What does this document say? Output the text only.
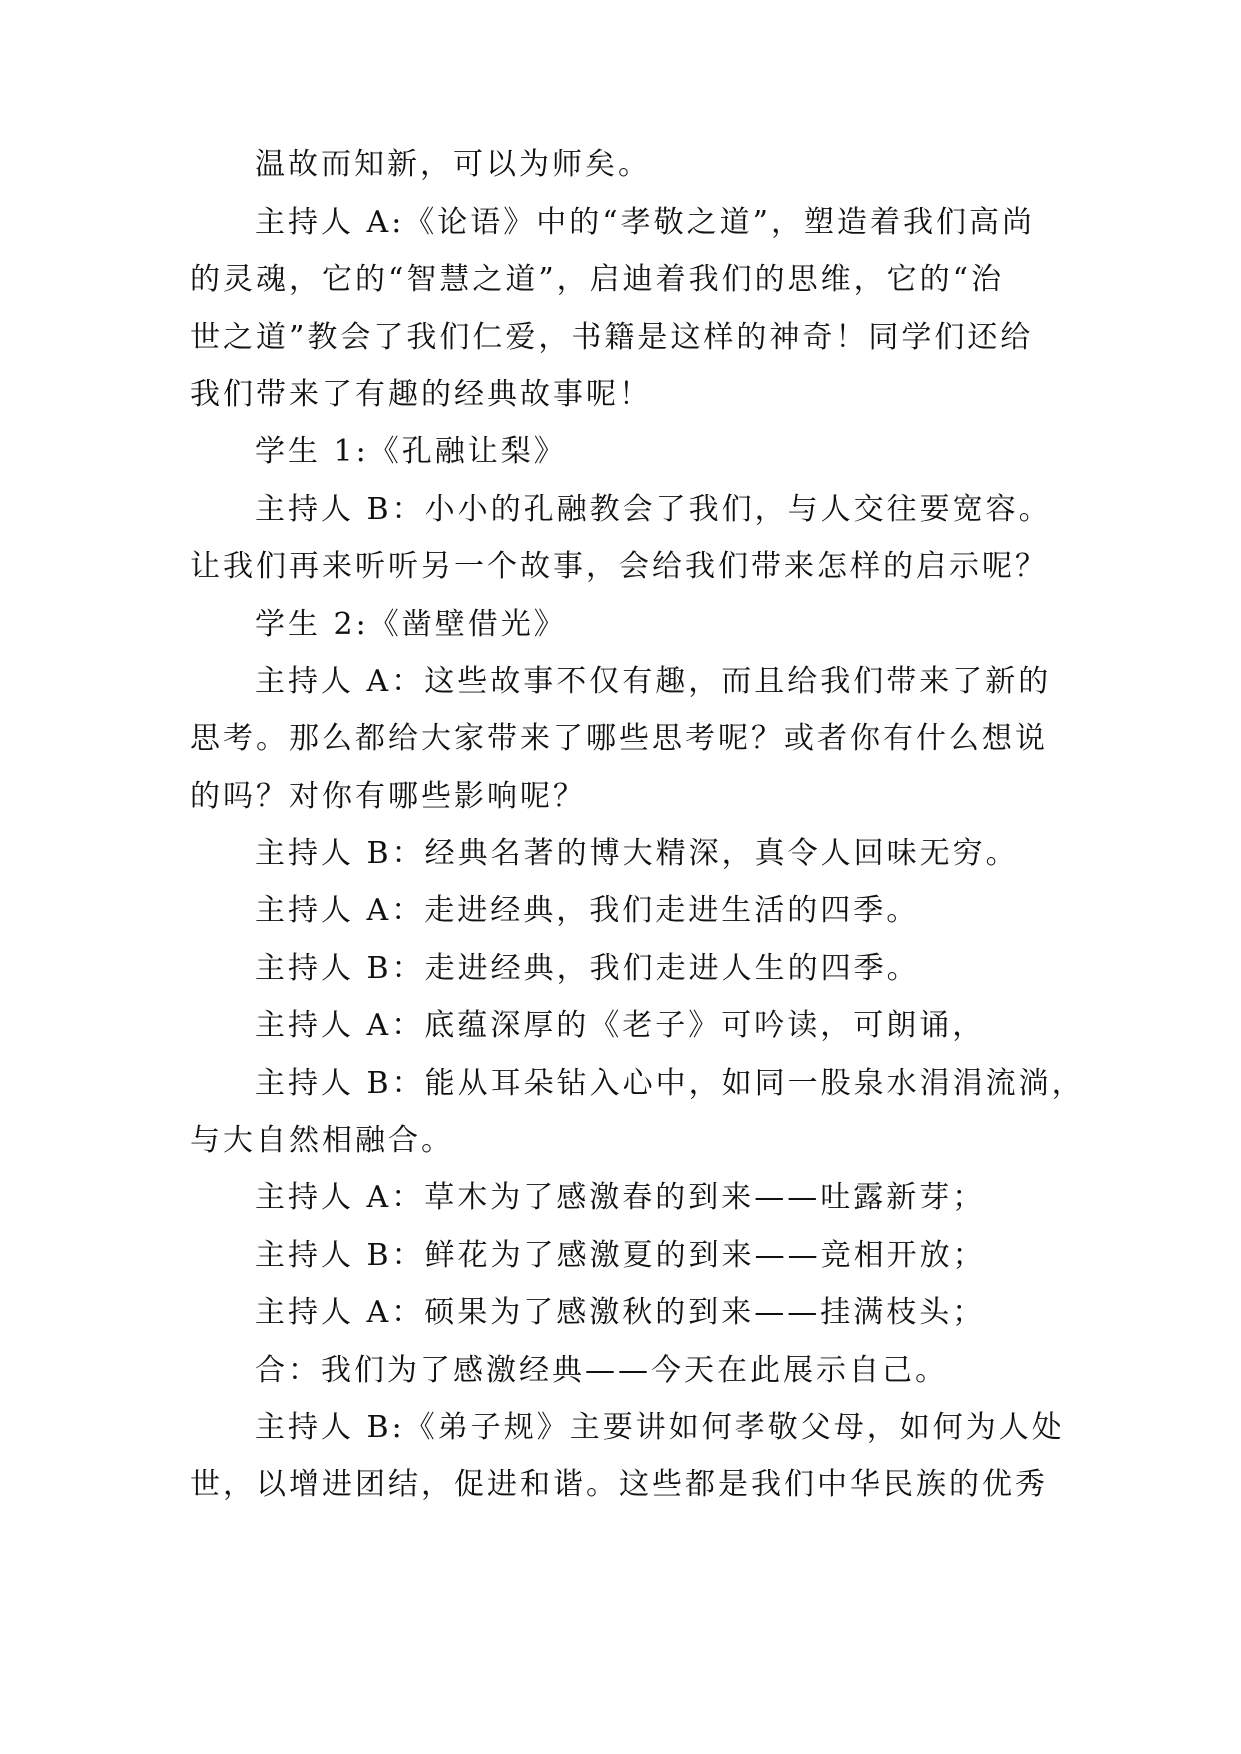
温故而知新，可以为师矣。
主持人 A:《论语》中的“孝敬之道”，塑造着我们高尚
的灵魂，它的“智慧之道”，启迪着我们的思维，它的“治
世之道”教会了我们仁爱，书籍是这样的神奇！同学们还给
我们带来了有趣的经典故事呢！
学生 1:《孔融让梨》
主持人 B：小小的孔融教会了我们，与人交往要宽容。
让我们再来听听另一个故事，会给我们带来怎样的启示呢？
学生 2:《凿壁借光》
主持人 A：这些故事不仅有趣，而且给我们带来了新的
思考。那么都给大家带来了哪些思考呢？或者你有什么想说
的吗？对你有哪些影响呢？
主持人 B：经典名著的博大精深，真令人回味无穷。
主持人 A：走进经典，我们走进生活的四季。
主持人 B：走进经典，我们走进人生的四季。
主持人 A：底蕴深厚的《老子》可吟读，可朗诵，
主持人 B：能从耳朵钻入心中，如同一股泉水涓涓流淌，
与大自然相融合。
主持人 A：草木为了感激春的到来——吐露新芽；
主持人 B：鲜花为了感激夏的到来——竞相开放；
主持人 A：硕果为了感激秋的到来——挂满枝头；
合：我们为了感激经典——今天在此展示自己。
主持人 B:《弟子规》主要讲如何孝敬父母，如何为人处
世，以增进团结，促进和谐。这些都是我们中华民族的优秀
